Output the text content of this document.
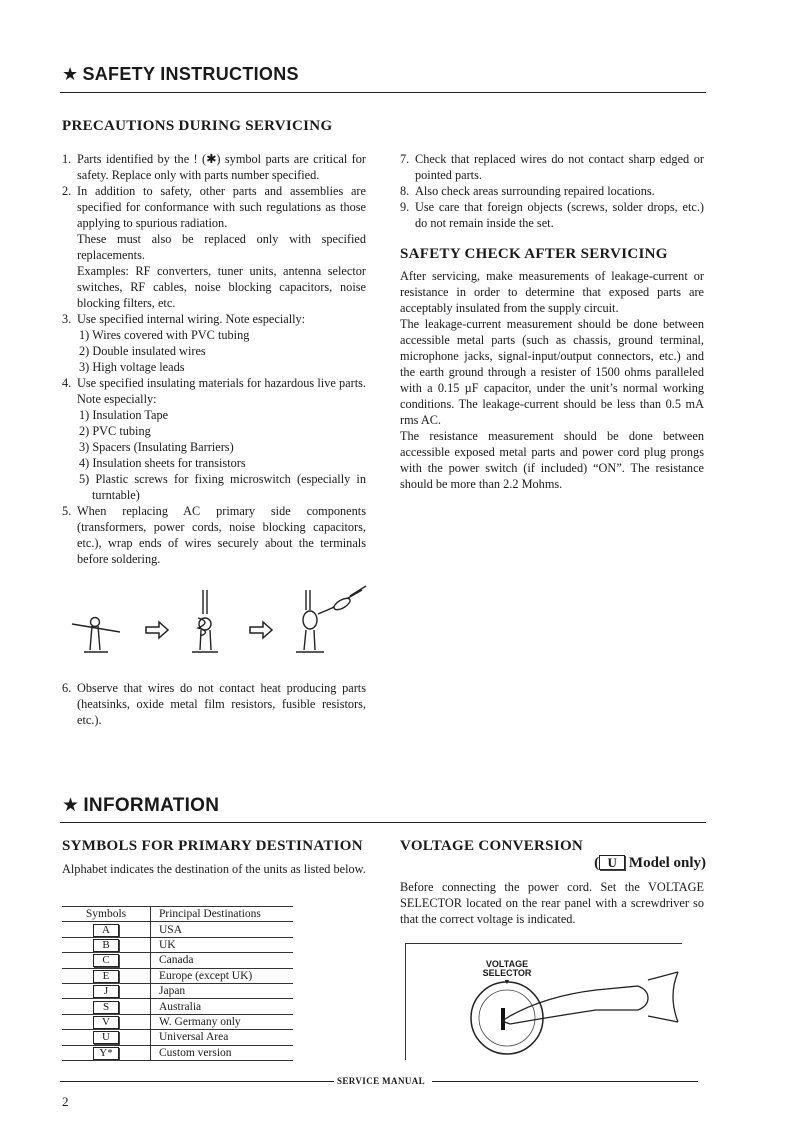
★ SAFETY INSTRUCTIONS
PRECAUTIONS DURING SERVICING
1. Parts identified by the ! (✱) symbol parts are critical for safety. Replace only with parts number specified.

2. In addition to safety, other parts and assemblies are specified for conformance with such regulations as those applying to spurious radiation.

These must also be replaced only with specified replacements.

Examples: RF converters, tuner units, antenna selector switches, RF cables, noise blocking capacitors, noise blocking filters, etc.

3. Use specified internal wiring. Note especially:

1) Wires covered with PVC tubing
2) Double insulated wires
3) High voltage leads
4. Use specified insulating materials for hazardous live parts. Note especially:

1) Insulation Tape
2) PVC tubing
3) Spacers (Insulating Barriers)
4) Insulation sheets for transistors
5) Plastic screws for fixing microswitch (especially in turntable)
5. When replacing AC primary side components (transformers, power cords, noise blocking capacitors, etc.), wrap ends of wires securely about the terminals before soldering.

6. Observe that wires do not contact heat producing parts (heatsinks, oxide metal film resistors, fusible resistors, etc.).
7. Check that replaced wires do not contact sharp edged or pointed parts.
8. Also check areas surrounding repaired locations.
9. Use care that foreign objects (screws, solder drops, etc.) do not remain inside the set.
SAFETY CHECK AFTER SERVICING

After servicing, make measurements of leakage-current or resistance in order to determine that exposed parts are acceptably insulated from the supply circuit.

The leakage-current measurement should be done between accessible metal parts (such as chassis, ground terminal, microphone jacks, signal-input/output connectors, etc.) and the earth ground through a resister of 1500 ohms paralleled with a 0.15 µF capacitor, under the unit’s normal working conditions. The leakage-current should be less than 0.5 mA rms AC.

The resistance measurement should be done between accessible exposed metal parts and power cord plug prongs with the power switch (if included) “ON”. The resistance should be more than 2.2 Mohms.

★ INFORMATION
SYMBOLS FOR PRIMARY DESTINATION

Alphabet indicates the destination of the units as listed below.

Symbols	Principal Destinations
A	USA
B	UK
C	Canada
E	Europe (except UK)
J	Japan
S	Australia
V	W. Germany only
U	Universal Area
Y*	Custom version
VOLTAGE CONVERSION
( U Model only)

Before connecting the power cord. Set the VOLTAGE SELECTOR located on the rear panel with a screwdriver so that the correct voltage is indicated.

VOLTAGE
SELECTOR
▼
SERVICE MANUAL
2
